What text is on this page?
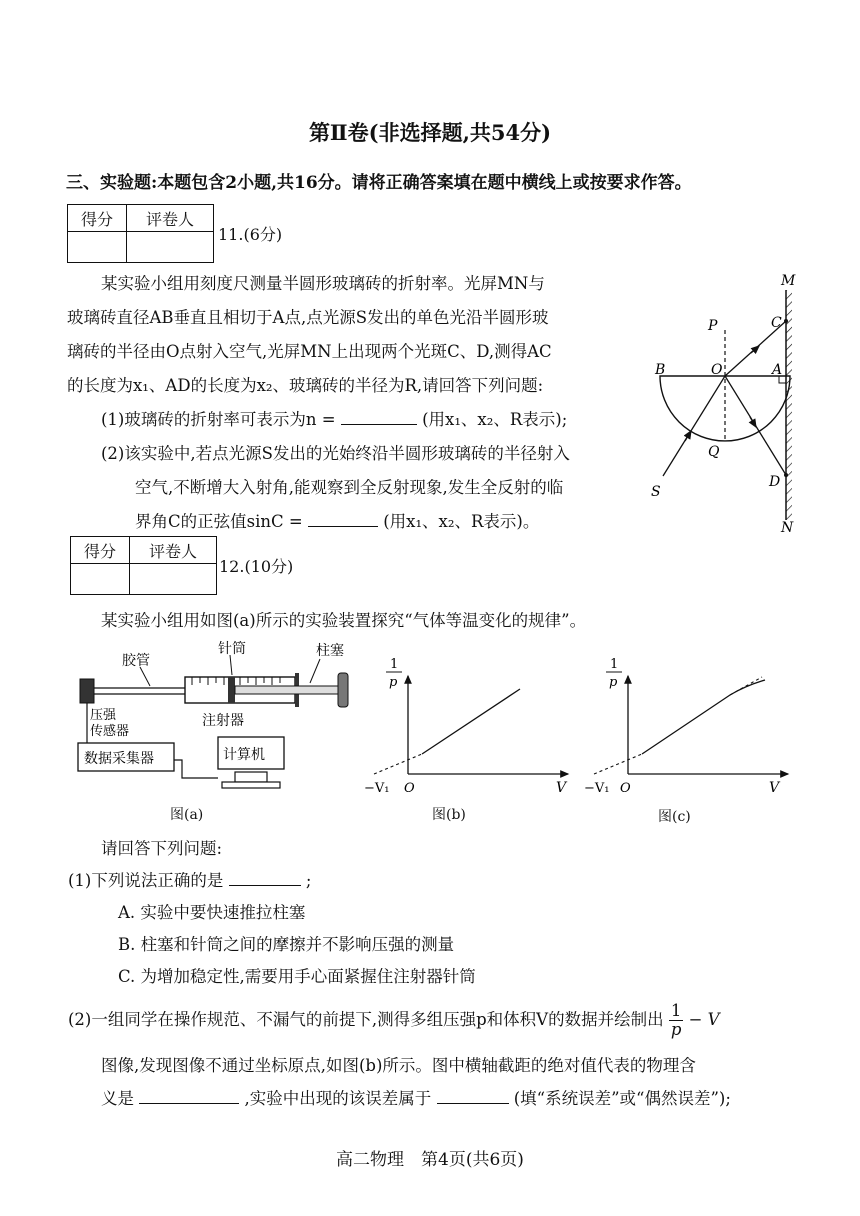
第Ⅱ卷(非选择题,共54分)
三、实验题:本题包含2小题,共16分。请将正确答案填在题中横线上或按要求作答。
得分	评卷人

11.(6分)
某实验小组用刻度尺测量半圆形玻璃砖的折射率。光屏MN与
玻璃砖直径AB垂直且相切于A点,点光源S发出的单色光沿半圆形玻
璃砖的半径由O点射入空气,光屏MN上出现两个光斑C、D,测得AC
的长度为x₁、AD的长度为x₂、玻璃砖的半径为R,请回答下列问题:
(1)玻璃砖的折射率可表示为n =	(用x₁、x₂、R表示);
(2)该实验中,若点光源S发出的光始终沿半圆形玻璃砖的半径射入
空气,不断增大入射角,能观察到全反射现象,发生全反射的临
界角C的正弦值sinC =	(用x₁、x₂、R表示)。
M
N
P	C
B	O	A
Q
S
D
得分	评卷人

12.(10分)
某实验小组用如图(a)所示的实验装置探究“气体等温变化的规律”。
针筒	柱塞
胶管
注射器
压强
传感器
数据采集器	计算机
1
p
V
−V₁ O
1
p
V
−V₁ O
图(a)	图(b)	图(c)
请回答下列问题:
(1)下列说法正确的是	;
A. 实验中要快速推拉柱塞
B. 柱塞和针筒之间的摩擦并不影响压强的测量
C. 为增加稳定性,需要用手心面紧握住注射器针筒
(2)一组同学在操作规范、不漏气的前提下,测得多组压强p和体积V的数据并绘制出 $\frac{1}{p} - V$
图像,发现图像不通过坐标原点,如图(b)所示。图中横轴截距的绝对值代表的物理含
义是	,实验中出现的该误差属于	(填“系统误差”或“偶然误差”);
高二物理　第4页(共6页)
